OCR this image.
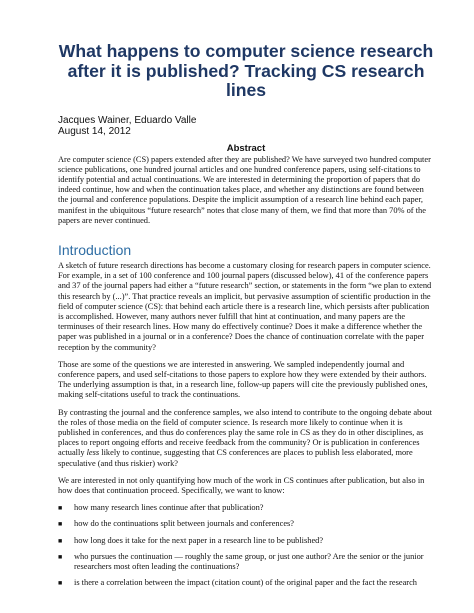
What happens to computer science research after it is published? Tracking CS research lines
Jacques Wainer, Eduardo Valle
August 14, 2012
Abstract

Are computer science (CS) papers extended after they are published? We have surveyed two hundred computer science publications, one hundred journal articles and one hundred conference papers, using self-citations to identify potential and actual continuations. We are interested in determining the proportion of papers that do indeed continue, how and when the continuation takes place, and whether any distinctions are found between the journal and conference populations. Despite the implicit assumption of a research line behind each paper, manifest in the ubiquitous “future research” notes that close many of them, we find that more than 70% of the papers are never continued.

Introduction

A sketch of future research directions has become a customary closing for research papers in computer science. For example, in a set of 100 conference and 100 journal papers (discussed below), 41 of the conference papers and 37 of the journal papers had either a “future research” section, or statements in the form “we plan to extend this research by (...)”. That practice reveals an implicit, but pervasive assumption of scientific production in the field of computer science (CS): that behind each article there is a research line, which persists after publication is accomplished. However, many authors never fulfill that hint at continuation, and many papers are the terminuses of their research lines. How many do effectively continue? Does it make a difference whether the paper was published in a journal or in a conference? Does the chance of continuation correlate with the paper reception by the community?

Those are some of the questions we are interested in answering. We sampled independently journal and conference papers, and used self-citations to those papers to explore how they were extended by their authors. The underlying assumption is that, in a research line, follow-up papers will cite the previously published ones, making self-citations useful to track the continuations.

By contrasting the journal and the conference samples, we also intend to contribute to the ongoing debate about the roles of those media on the field of computer science. Is research more likely to continue when it is published in conferences, and thus do conferences play the same role in CS as they do in other disciplines, as places to report ongoing efforts and receive feedback from the community? Or is publication in conferences actually less likely to continue, suggesting that CS conferences are places to publish less elaborated, more speculative (and thus riskier) work?

We are interested in not only quantifying how much of the work in CS continues after publication, but also in how does that continuation proceed. Specifically, we want to know:

■ how many research lines continue after that publication?
■ how do the continuations split between journals and conferences?
■ how long does it take for the next paper in a research line to be published?
■ who pursues the continuation — roughly the same group, or just one author? Are the senior or the junior researchers most often leading the continuations?
■ is there a correlation between the impact (citation count) of the original paper and the fact the research
